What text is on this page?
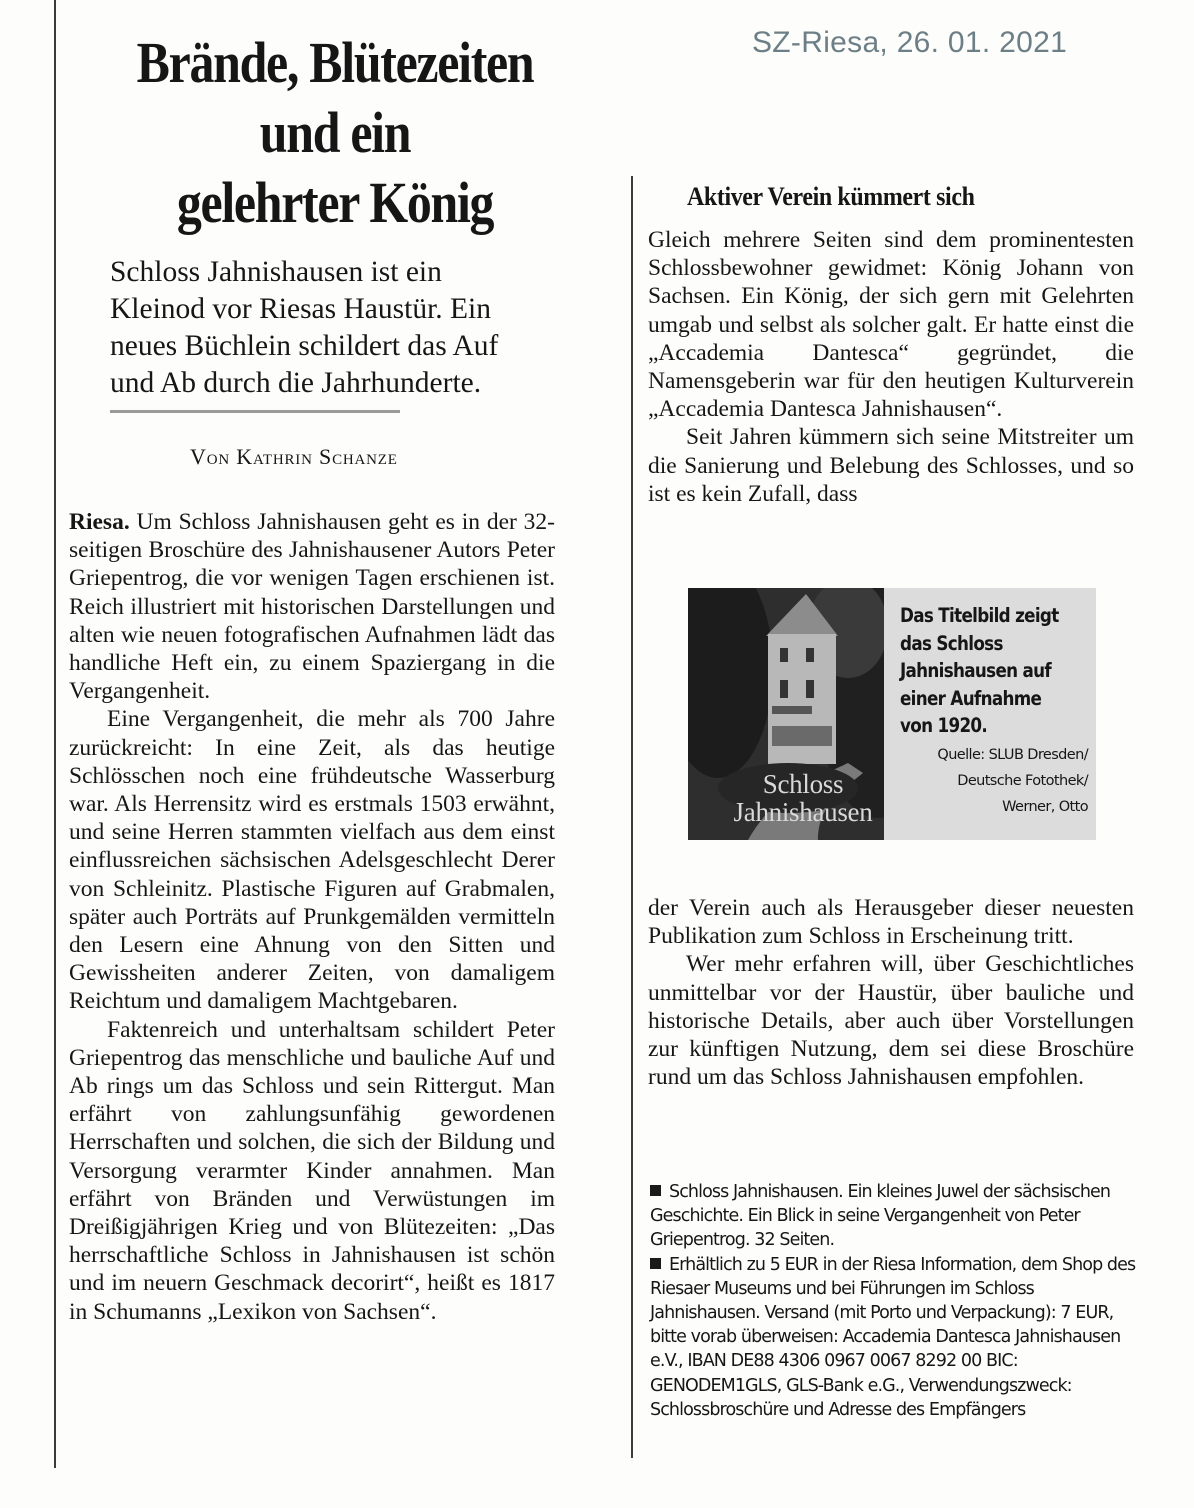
SZ-Riesa, 26. 01. 2021
Brände, Blütezeiten
und ein
gelehrter König

Schloss Jahnishausen ist ein
Kleinod vor Riesas Haustür. Ein
neues Büchlein schildert das Auf
und Ab durch die Jahrhunderte.

Von Kathrin Schanze

Riesa. Um Schloss Jahnishausen geht es in der 32-seitigen Broschüre des Jahnishausener Autors Peter Griepentrog, die vor wenigen Tagen erschienen ist. Reich illustriert mit historischen Darstellungen und alten wie neuen fotografischen Aufnahmen lädt das handliche Heft ein, zu einem Spaziergang in die Vergangenheit.

Eine Vergangenheit, die mehr als 700 Jahre zurückreicht: In eine Zeit, als das heutige Schlösschen noch eine frühdeutsche Wasserburg war. Als Herrensitz wird es erstmals 1503 erwähnt, und seine Herren stammten vielfach aus dem einst einflussreichen sächsischen Adelsgeschlecht Derer von Schleinitz. Plastische Figuren auf Grabmalen, später auch Porträts auf Prunkgemälden vermitteln den Lesern eine Ahnung von den Sitten und Gewissheiten anderer Zeiten, von damaligem Reichtum und damaligem Machtgebaren.

Faktenreich und unterhaltsam schildert Peter Griepentrog das menschliche und bauliche Auf und Ab rings um das Schloss und sein Rittergut. Man erfährt von zahlungsunfähig gewordenen Herrschaften und solchen, die sich der Bildung und Versorgung verarmter Kinder annahmen. Man erfährt von Bränden und Verwüstungen im Dreißigjährigen Krieg und von Blütezeiten: „Das herrschaftliche Schloss in Jahnishausen ist schön und im neuern Geschmack decorirt“, heißt es 1817 in Schumanns „Lexikon von Sachsen“.

Aktiver Verein kümmert sich

Gleich mehrere Seiten sind dem prominentesten Schlossbewohner gewidmet: König Johann von Sachsen. Ein König, der sich gern mit Gelehrten umgab und selbst als solcher galt. Er hatte einst die „Accademia Dantesca“ gegründet, die Namensgeberin war für den heutigen Kulturverein „Accademia Dantesca Jahnishausen“.

Seit Jahren kümmern sich seine Mitstreiter um die Sanierung und Belebung des Schlosses, und so ist es kein Zufall, dass

Schloss
Jahnishausen

Das Titelbild zeigt das Schloss Jahnishausen auf einer Aufnahme von 1920.

Quelle: SLUB Dresden/
Deutsche Fotothek/
Werner, Otto

der Verein auch als Herausgeber dieser neuesten Publikation zum Schloss in Erscheinung tritt.

Wer mehr erfahren will, über Geschichtliches unmittelbar vor der Haustür, über bauliche und historische Details, aber auch über Vorstellungen zur künftigen Nutzung, dem sei diese Broschüre rund um das Schloss Jahnishausen empfohlen.

Schloss Jahnishausen. Ein kleines Juwel der sächsischen Geschichte. Ein Blick in seine Vergangenheit von Peter Griepentrog. 32 Seiten.

Erhältlich zu 5 EUR in der Riesa Information, dem Shop des Riesaer Museums und bei Führungen im Schloss Jahnishausen. Versand (mit Porto und Verpackung): 7 EUR, bitte vorab überweisen: Accademia Dantesca Jahnishausen e.V., IBAN DE88 4306 0967 0067 8292 00 BIC: GENODEM1GLS, GLS-Bank e.G., Verwendungszweck: Schlossbroschüre und Adresse des Empfängers
